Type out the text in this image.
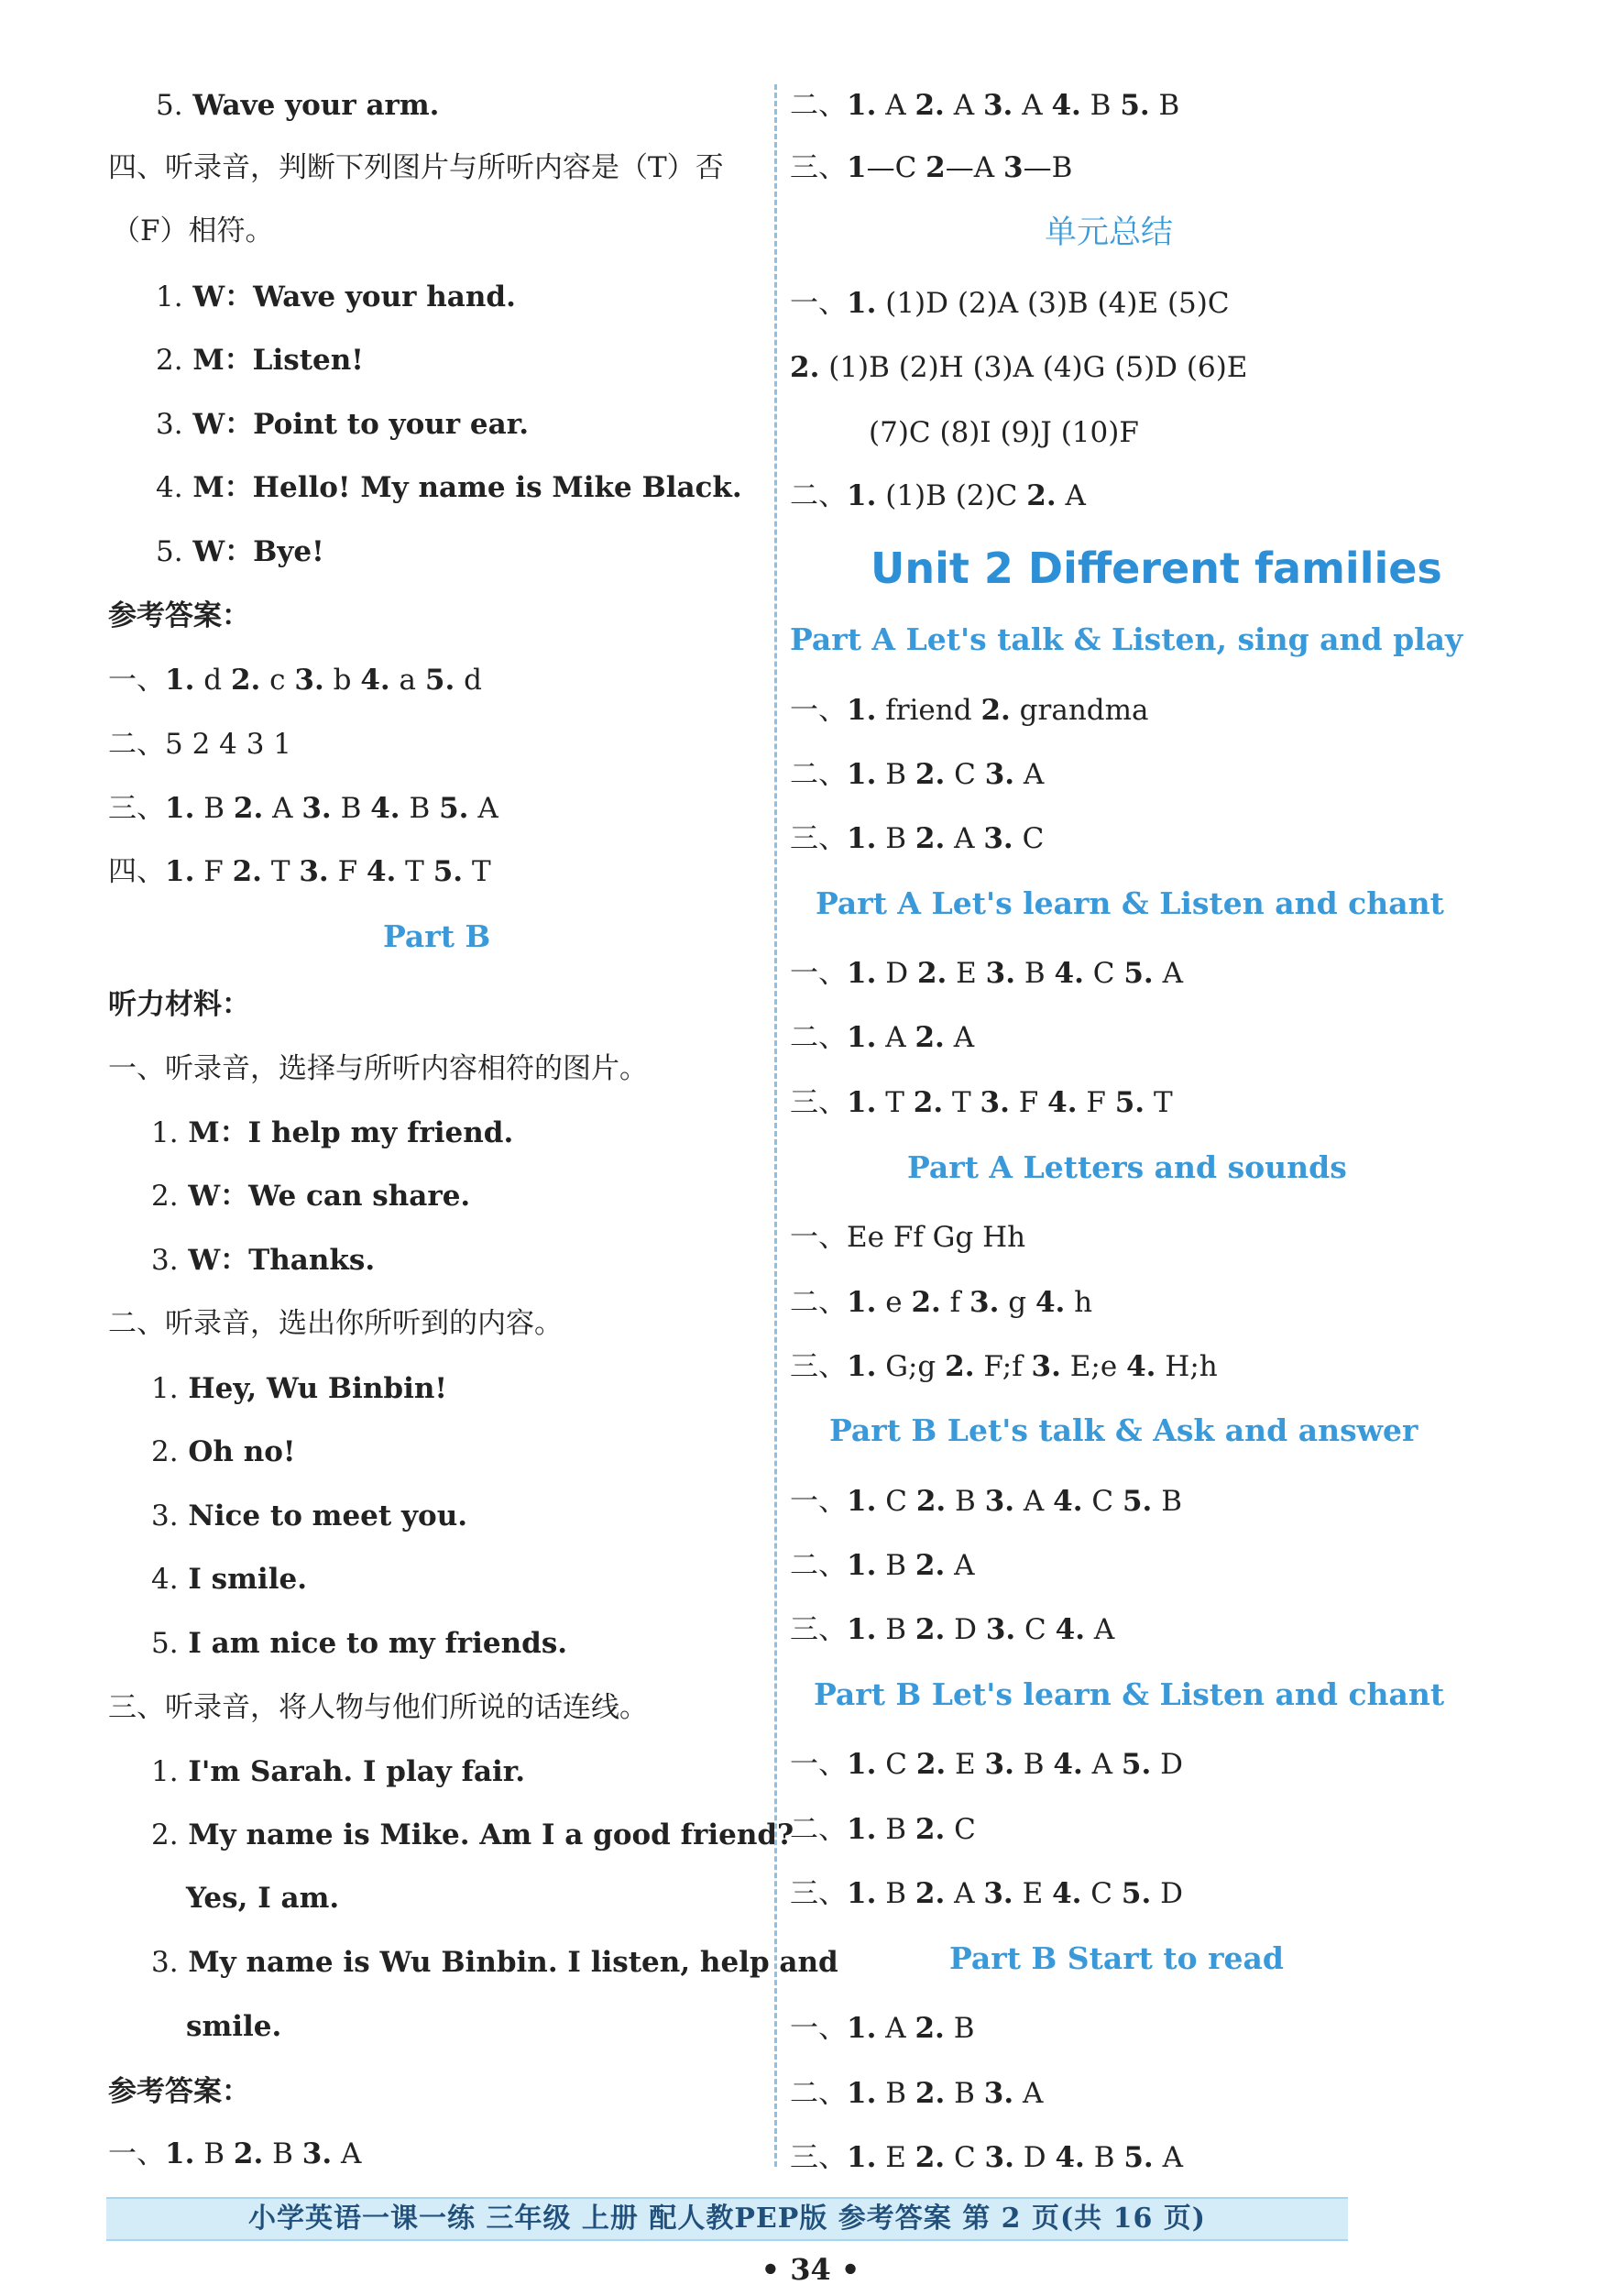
5. Wave your arm.
四、听录音，判断下列图片与所听内容是（T）否
（F）相符。
1. W：Wave your hand.
2. M：Listen!
3. W：Point to your ear.
4. M：Hello! My name is Mike Black.
5. W：Bye!
参考答案：
一、1. d 2. c 3. b 4. a 5. d
二、5 2 4 3 1
三、1. B 2. A 3. B 4. B 5. A
四、1. F 2. T 3. F 4. T 5. T
Part B
听力材料：
一、听录音，选择与所听内容相符的图片。
1. M：I help my friend.
2. W：We can share.
3. W：Thanks.
二、听录音，选出你所听到的内容。
1. Hey, Wu Binbin!
2. Oh no!
3. Nice to meet you.
4. I smile.
5. I am nice to my friends.
三、听录音，将人物与他们所说的话连线。
1. I'm Sarah. I play fair.
2. My name is Mike. Am I a good friend?
Yes, I am.
3. My name is Wu Binbin. I listen, help and
smile.
参考答案：
一、1. B 2. B 3. A
二、1. A 2. A 3. A 4. B 5. B
三、1—C 2—A 3—B
单元总结
一、1. (1)D (2)A (3)B (4)E (5)C
2. (1)B (2)H (3)A (4)G (5)D (6)E
(7)C (8)I (9)J (10)F
二、1. (1)B (2)C 2. A
Unit 2 Different families
Part A Let's talk & Listen, sing and play
一、1. friend 2. grandma
二、1. B 2. C 3. A
三、1. B 2. A 3. C
Part A Let's learn & Listen and chant
一、1. D 2. E 3. B 4. C 5. A
二、1. A 2. A
三、1. T 2. T 3. F 4. F 5. T
Part A Letters and sounds
一、Ee Ff Gg Hh
二、1. e 2. f 3. g 4. h
三、1. G;g 2. F;f 3. E;e 4. H;h
Part B Let's talk & Ask and answer
一、1. C 2. B 3. A 4. C 5. B
二、1. B 2. A
三、1. B 2. D 3. C 4. A
Part B Let's learn & Listen and chant
一、1. C 2. E 3. B 4. A 5. D
二、1. B 2. C
三、1. B 2. A 3. E 4. C 5. D
Part B Start to read
一、1. A 2. B
二、1. B 2. B 3. A
三、1. E 2. C 3. D 4. B 5. A
小学英语一课一练 三年级 上册 配人教PEP版 参考答案 第 2 页(共 16 页)
• 34 •
